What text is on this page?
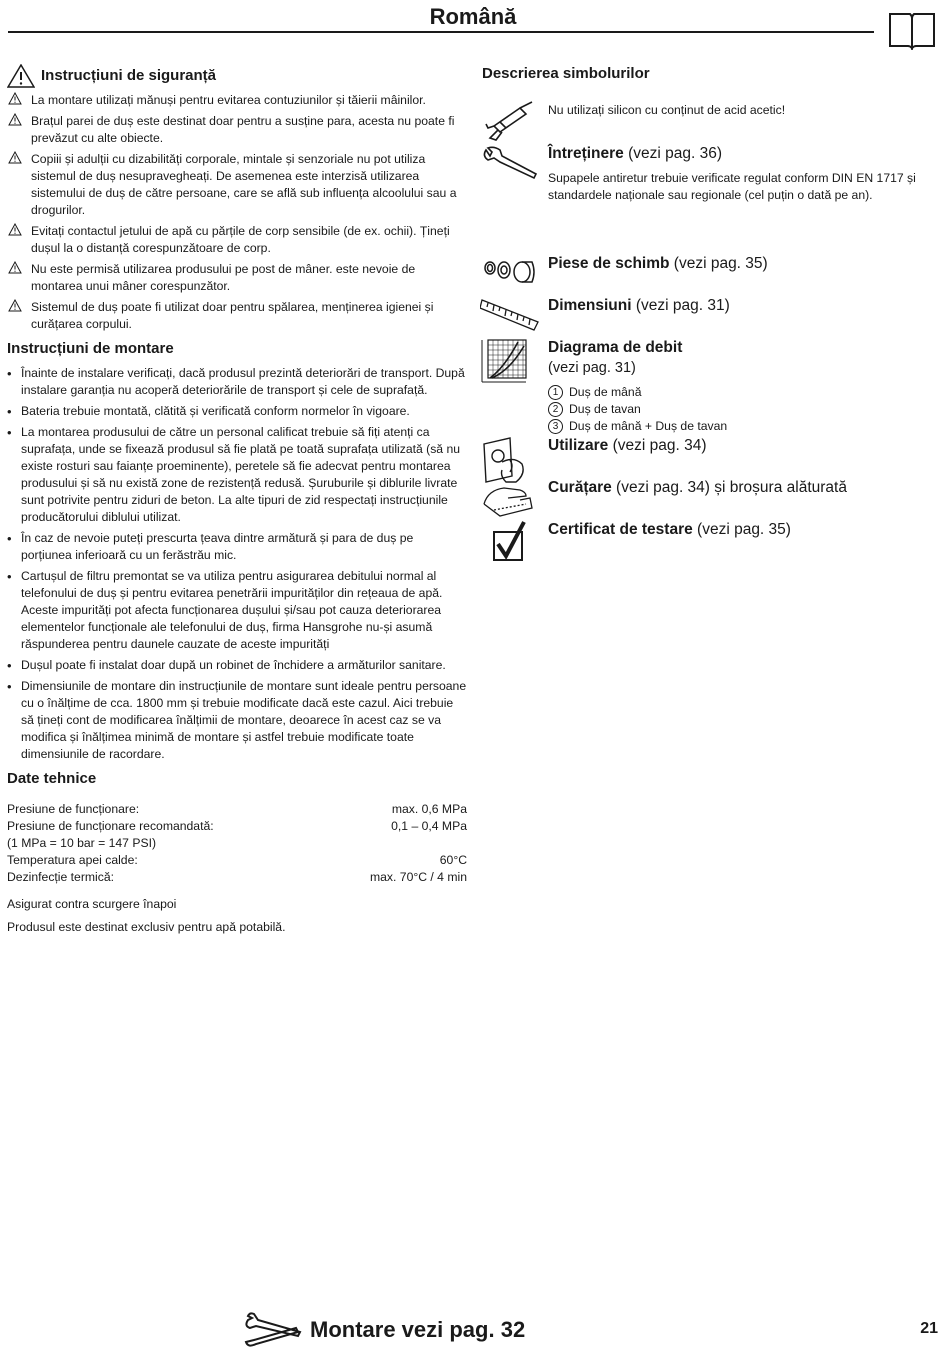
Română
Instrucțiuni de siguranță
La montare utilizați mănuși pentru evitarea contuziunilor și tăierii mâinilor.
Brațul parei de duș este destinat doar pentru a susține para, acesta nu poate fi prevăzut cu alte obiecte.
Copiii și adulții cu dizabilități corporale, mintale și senzoriale nu pot utiliza sistemul de duș nesupravegheați. De asemenea este interzisă utilizarea sistemului de duș de către persoane, care se află sub influența alcoolului sau a drogurilor.
Evitați contactul jetului de apă cu părțile de corp sensibile (de ex. ochii). Țineți dușul la o distanță corespunzătoare de corp.
Nu este permisă utilizarea produsului pe post de mâner. este nevoie de montarea unui mâner corespunzător.
Sistemul de duș poate fi utilizat doar pentru spălarea, menținerea igienei și curățarea corpului.
Instrucțiuni de montare
• Înainte de instalare verificați, dacă produsul prezintă deteriorări de transport. După instalare garanția nu acoperă deteriorările de transport și cele de suprafață.
• Bateria trebuie montată, clătită și verificată conform normelor în vigoare.
• La montarea produsului de către un personal calificat trebuie să fiți atenți ca suprafața, unde se fixează produsul să fie plată pe toată suprafața utilizată (să nu existe rosturi sau faianțe proeminente), peretele să fie adecvat pentru montarea produsului și să nu există zone de rezistență redusă. Șuruburile și diblurile livrate sunt potrivite pentru ziduri de beton. La alte tipuri de zid respectați instrucțiunile producătorului diblului utilizat.
• În caz de nevoie puteți prescurta țeava dintre armătură și para de duș pe porțiunea inferioară cu un ferăstrău mic.
• Cartușul de filtru premontat se va utiliza pentru asigurarea debitului normal al telefonului de duș și pentru evitarea penetrării impurităților din rețeaua de apă. Aceste impurități pot afecta funcționarea dușului și/sau pot cauza deteriorarea elementelor funcționale ale telefonului de duș, firma Hansgrohe nu-și asumă răspunderea pentru daunele cauzate de aceste impurități
• Dușul poate fi instalat doar după un robinet de închidere a armăturilor sanitare.
• Dimensiunile de montare din instrucțiunile de montare sunt ideale pentru persoane cu o înălțime de cca. 1800 mm și trebuie modificate dacă este cazul. Aici trebuie să țineți cont de modificarea înălțimii de montare, deoarece în acest caz se va modifica și înălțimea minimă de montare și astfel trebuie modificate toate dimensiunile de racordare.
Date tehnice
Presiune de funcționare:	max. 0,6 MPa
Presiune de funcționare recomandată:	0,1 – 0,4 MPa
(1 MPa = 10 bar = 147 PSI)
Temperatura apei calde:	60°C
Dezinfecție termică:	max. 70°C / 4 min

Asigurat contra scurgere înapoi

Produsul este destinat exclusiv pentru apă potabilă.

Descrierea simbolurilor
Nu utilizați silicon cu conținut de acid acetic!
Întreținere (vezi pag. 36)
Supapele antiretur trebuie verificate regulat conform DIN EN 1717 și standardele naționale sau regionale (cel puțin o dată pe an).
Piese de schimb (vezi pag. 35)
Dimensiuni (vezi pag. 31)
Diagrama de debit
(vezi pag. 31)
1 Duș de mână
2 Duș de tavan
3 Duș de mână + Duș de tavan
Utilizare (vezi pag. 34)
Curățare (vezi pag. 34) și broșura alăturată
Certificat de testare (vezi pag. 35)
Montare vezi pag. 32	21
